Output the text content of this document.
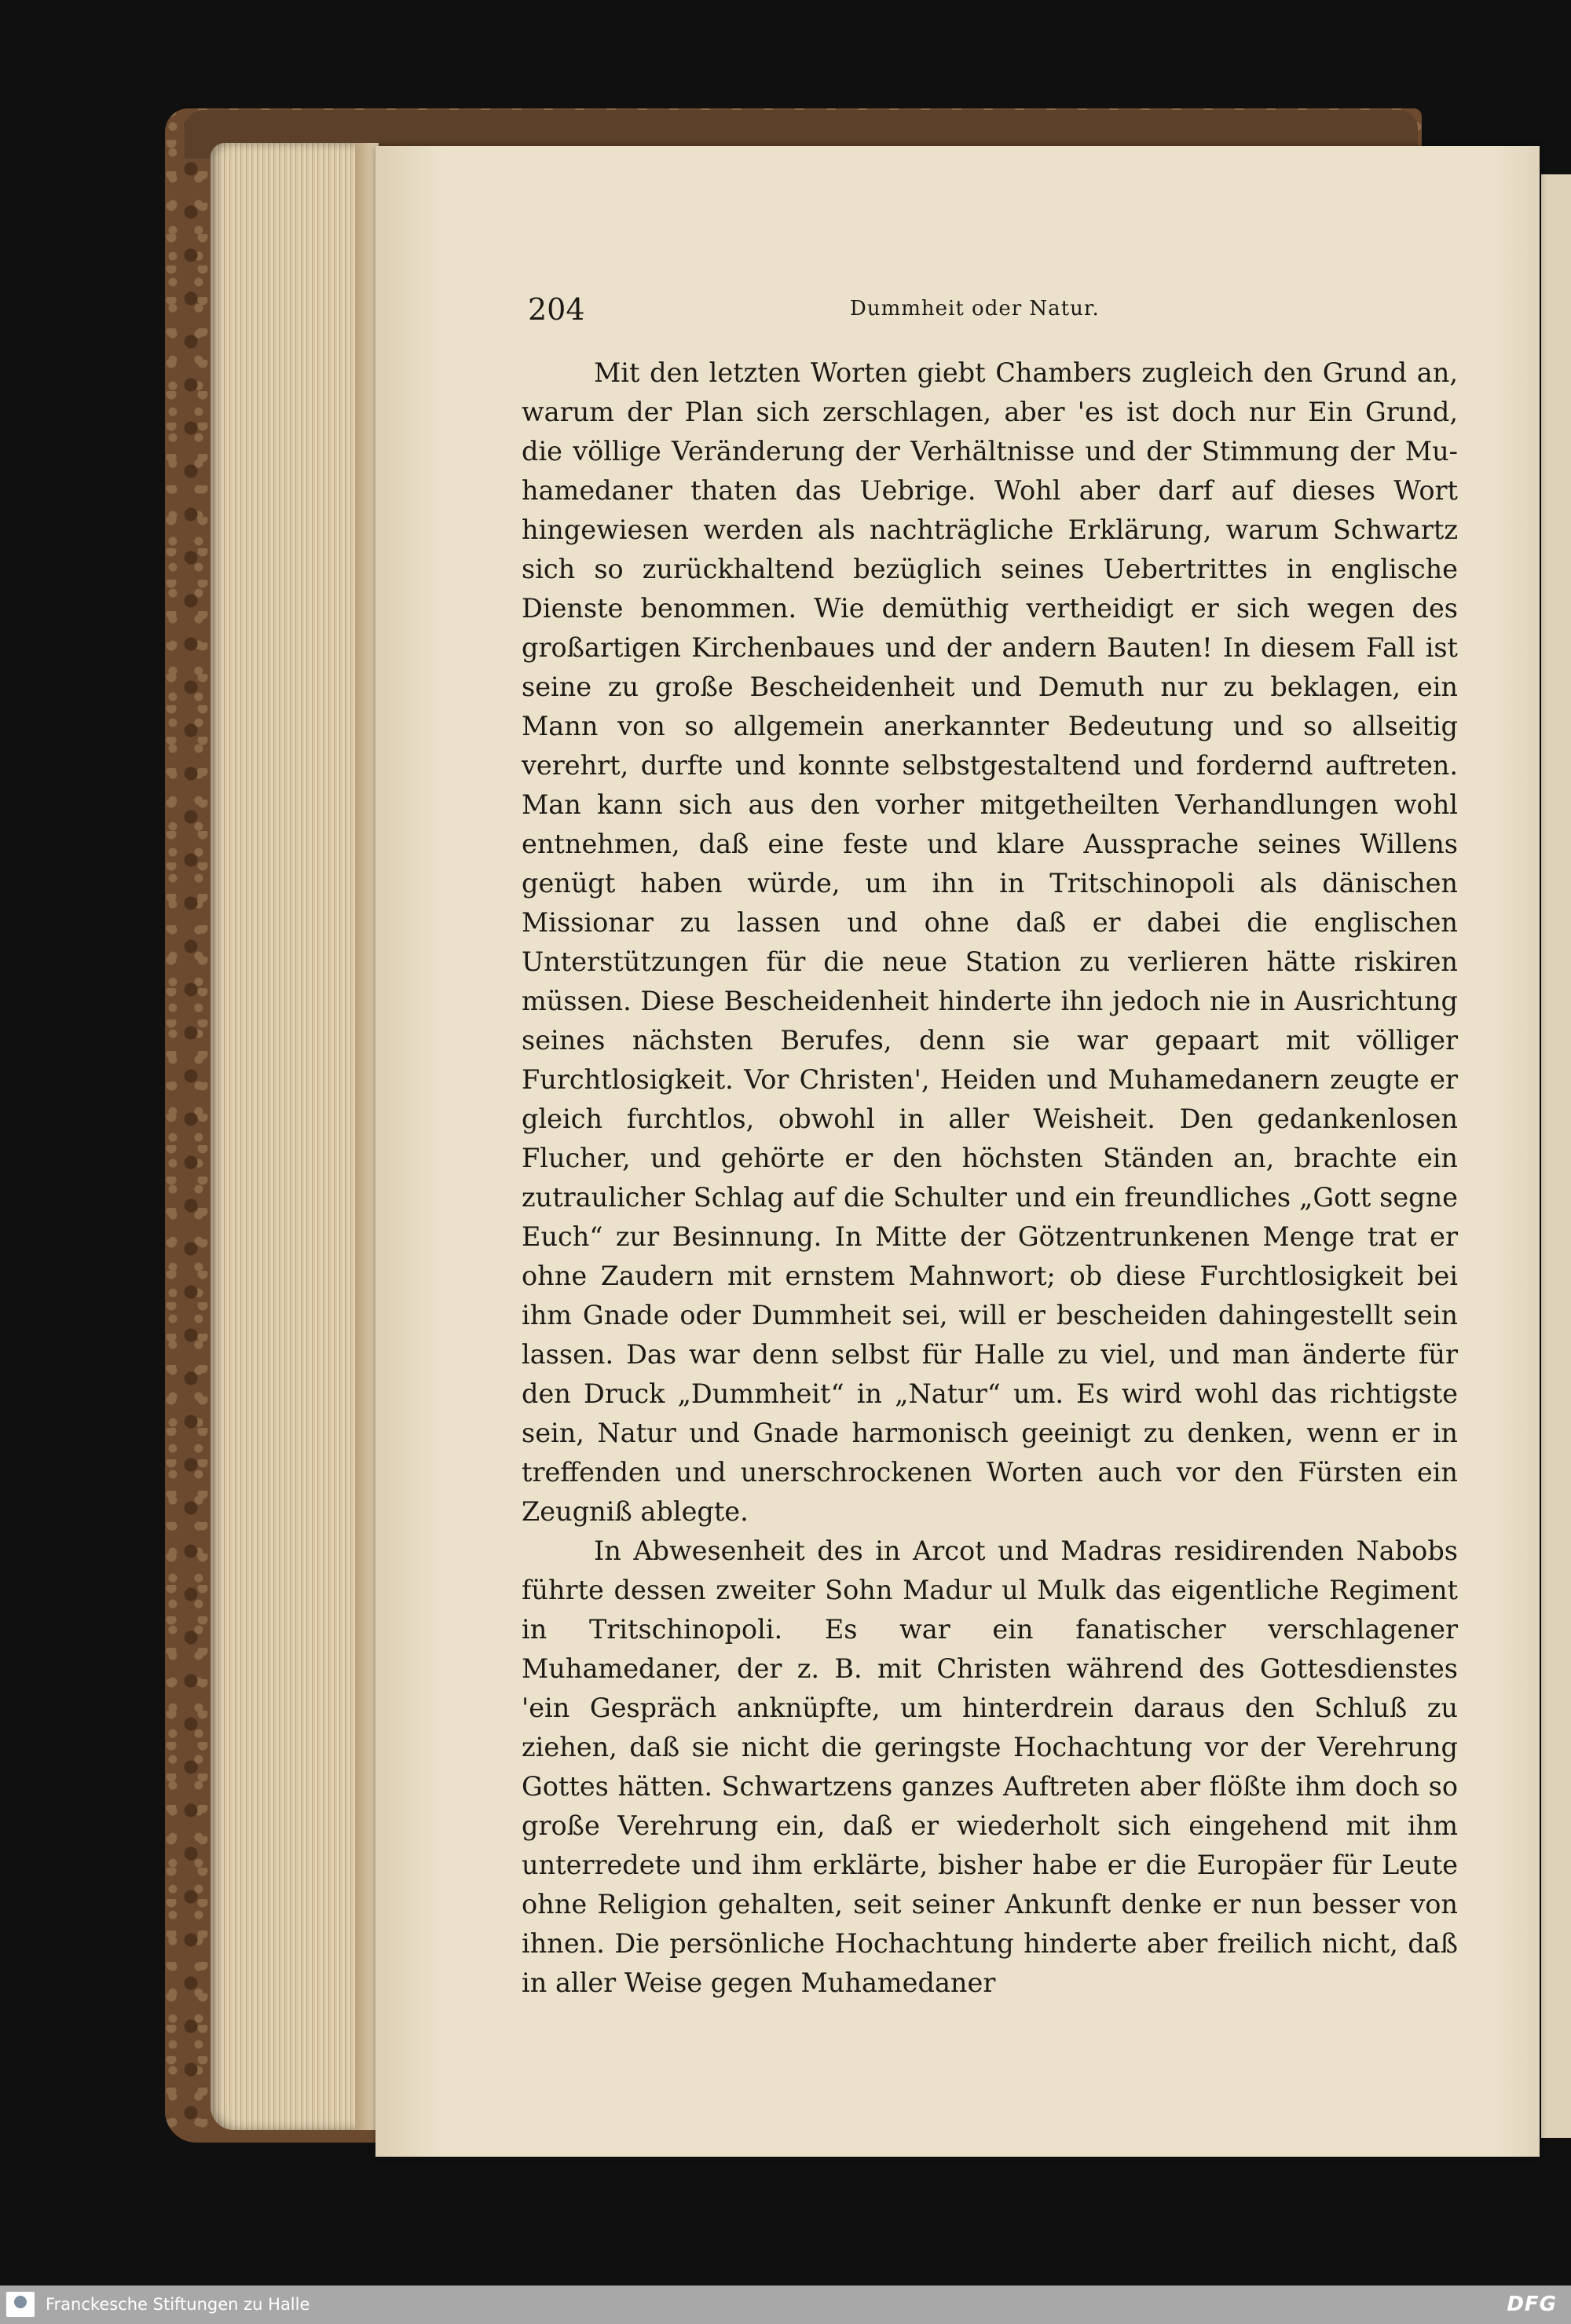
204	Dummheit oder Natur.

Mit den letzten Worten giebt Chambers zugleich den Grund an, warum der Plan sich zerschlagen, aber 'es ist doch nur Ein Grund, die völlige Veränderung der Verhältnisse und der Stimmung der Muhamedaner thaten das Uebrige. Wohl aber darf auf dieses Wort hingewiesen werden als nachträgliche Erklärung, warum Schwartz sich so zurückhaltend bezüglich seines Uebertrittes in englische Dienste benommen. Wie demüthig vertheidigt er sich wegen des großartigen Kirchenbaues und der andern Bauten! In diesem Fall ist seine zu große Bescheidenheit und Demuth nur zu beklagen, ein Mann von so allgemein anerkannter Bedeutung und so allseitig verehrt, durfte und konnte selbstgestaltend und fordernd auftreten. Man kann sich aus den vorher mitgetheilten Verhandlungen wohl entnehmen, daß eine feste und klare Aussprache seines Willens genügt haben würde, um ihn in Tritschinopoli als dänischen Missionar zu lassen und ohne daß er dabei die englischen Unterstützungen für die neue Station zu verlieren hätte riskiren müssen. Diese Bescheidenheit hinderte ihn jedoch nie in Ausrichtung seines nächsten Berufes, denn sie war gepaart mit völliger Furchtlosigkeit. Vor Christen', Heiden und Muhamedanern zeugte er gleich furchtlos, obwohl in aller Weisheit. Den gedankenlosen Flucher, und gehörte er den höchsten Ständen an, brachte ein zutraulicher Schlag auf die Schulter und ein freundliches „Gott segne Euch“ zur Besinnung. In Mitte der Götzentrunkenen Menge trat er ohne Zaudern mit ernstem Mahnwort; ob diese Furchtlosigkeit bei ihm Gnade oder Dummheit sei, will er bescheiden dahingestellt sein lassen. Das war denn selbst für Halle zu viel, und man änderte für den Druck „Dummheit“ in „Natur“ um. Es wird wohl das richtigste sein, Natur und Gnade harmonisch geeinigt zu denken, wenn er in treffenden und unerschrockenen Worten auch vor den Fürsten ein Zeugniß ablegte.

In Abwesenheit des in Arcot und Madras residirenden Nabobs führte dessen zweiter Sohn Madur ul Mulk das eigentliche Regiment in Tritschinopoli. Es war ein fanatischer verschlagener Muhamedaner, der z. B. mit Christen während des Gottesdienstes 'ein Gespräch anknüpfte, um hinterdrein daraus den Schluß zu ziehen, daß sie nicht die geringste Hochachtung vor der Verehrung Gottes hätten. Schwartzens ganzes Auftreten aber flößte ihm doch so große Verehrung ein, daß er wiederholt sich eingehend mit ihm unterredete und ihm erklärte, bisher habe er die Europäer für Leute ohne Religion gehalten, seit seiner Ankunft denke er nun besser von ihnen. Die persönliche Hochachtung hinderte aber freilich nicht, daß in aller Weise gegen Muhamedaner

Franckesche Stiftungen zu Halle	DFG
